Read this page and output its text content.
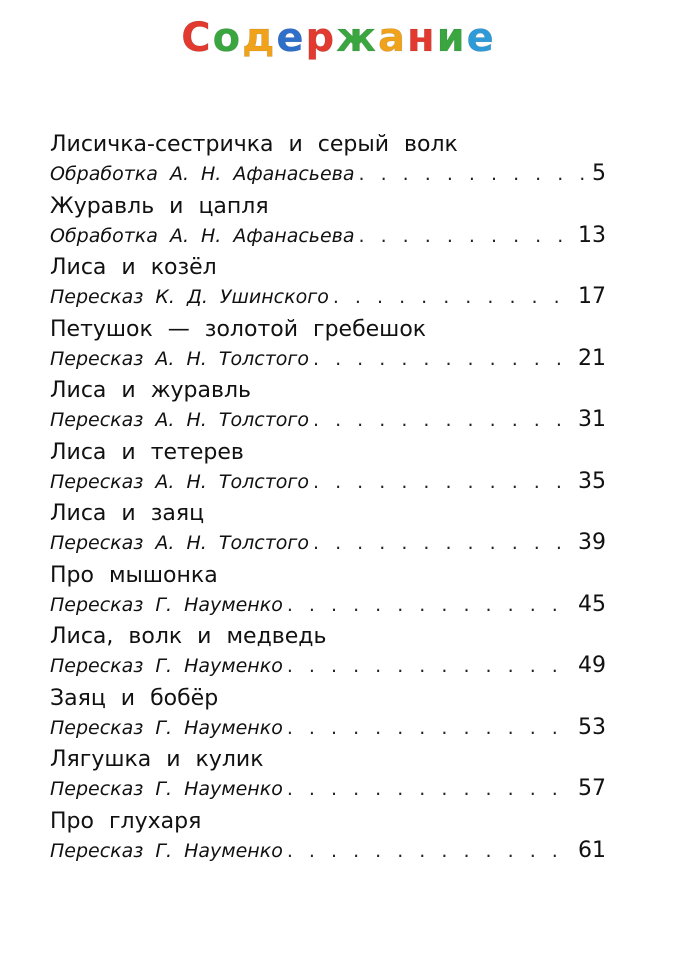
Содержание
Лисичка-сестричка и серый волк
Обработка А. Н. Афанасьева . . .	5
Журавль и цапля
Обработка А. Н. Афанасьева . . .	13
Лиса и козёл
Пересказ К. Д. Ушинского . . .	17
Петушок — золотой гребешок
Пересказ А. Н. Толстого . . .	21
Лиса и журавль
Пересказ А. Н. Толстого . . .	31
Лиса и тетерев
Пересказ А. Н. Толстого . . .	35
Лиса и заяц
Пересказ А. Н. Толстого . . .	39
Про мышонка
Пересказ Г. Науменко . . .	45
Лиса, волк и медведь
Пересказ Г. Науменко . . .	49
Заяц и бобёр
Пересказ Г. Науменко . . .	53
Лягушка и кулик
Пересказ Г. Науменко . . .	57
Про глухаря
Пересказ Г. Науменко . . .	61
